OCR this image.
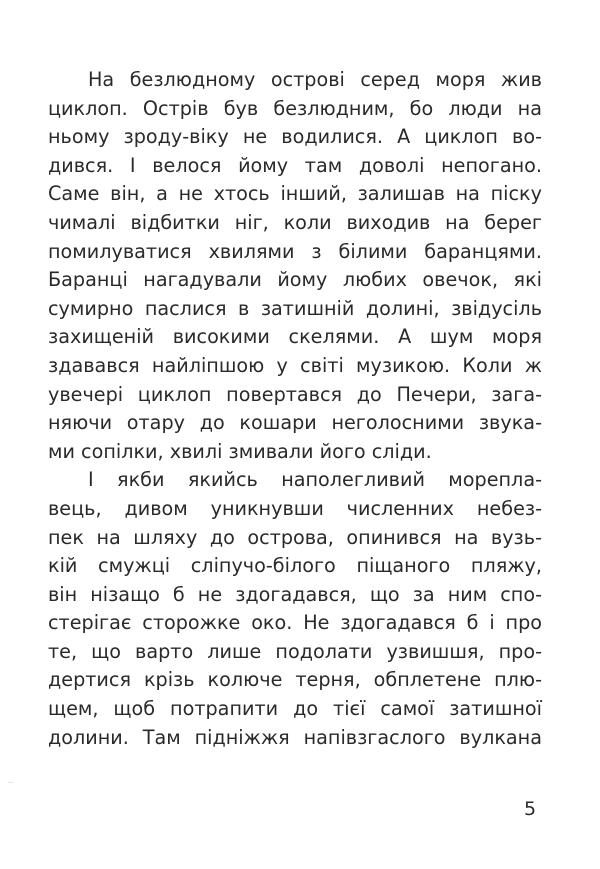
На безлюдному острові серед моря жив
циклоп. Острів був безлюдним, бо люди на
ньому зроду-віку не водилися. А циклоп во-
дився. І велося йому там доволі непогано.
Саме він, а не хтось інший, залишав на піску
чималі відбитки ніг, коли виходив на берег
помилуватися хвилями з білими баранцями.
Баранці нагадували йому любих овечок, які
сумирно паслися в затишній долині, звідусіль
захищеній високими скелями. А шум моря
здавався найліпшою у світі музикою. Коли ж
увечері циклоп повертався до Печери, зага-
няючи отару до кошари неголосними звука-
ми сопілки, хвилі змивали його сліди.
І якби якийсь наполегливий морепла-
вець, дивом уникнувши численних небез-
пек на шляху до острова, опинився на вузь-
кій смужці сліпучо-білого піщаного пляжу,
він нізащо б не здогадався, що за ним спо-
стерігає сторожке око. Не здогадався б і про
те, що варто лише подолати узвишшя, про-
дертися крізь колюче терня, обплетене плю-
щем, щоб потрапити до тієї самої затишної
долини. Там підніжжя напівзгаслого вулкана
5
